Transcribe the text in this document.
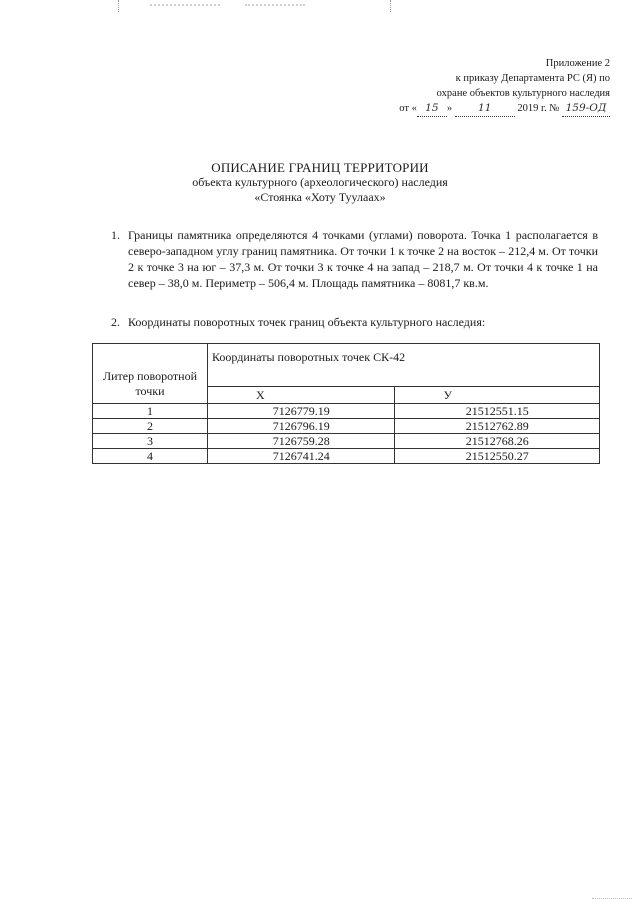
Приложение 2
к приказу Департамента РС (Я) по
охране объектов культурного наследия
от « 15 » 11 2019 г. № 159-ОД
ОПИСАНИЕ ГРАНИЦ ТЕРРИТОРИИ
объекта культурного (археологического) наследия
«Стоянка «Хоту Туулаах»
1. Границы памятника определяются 4 точками (углами) поворота. Точка 1 располагается в северо-западном углу границ памятника. От точки 1 к точке 2 на восток – 212,4 м. От точки 2 к точке 3 на юг – 37,3 м. От точки 3 к точке 4 на запад – 218,7 м. От точки 4 к точке 1 на север – 38,0 м. Периметр – 506,4 м. Площадь памятника – 8081,7 кв.м.
2. Координаты поворотных точек границ объекта культурного наследия:
Литер поворотной точки	Координаты поворотных точек СК-42	
	X	У
1	7126779.19	21512551.15
2	7126796.19	21512762.89
3	7126759.28	21512768.26
4	7126741.24	21512550.27
